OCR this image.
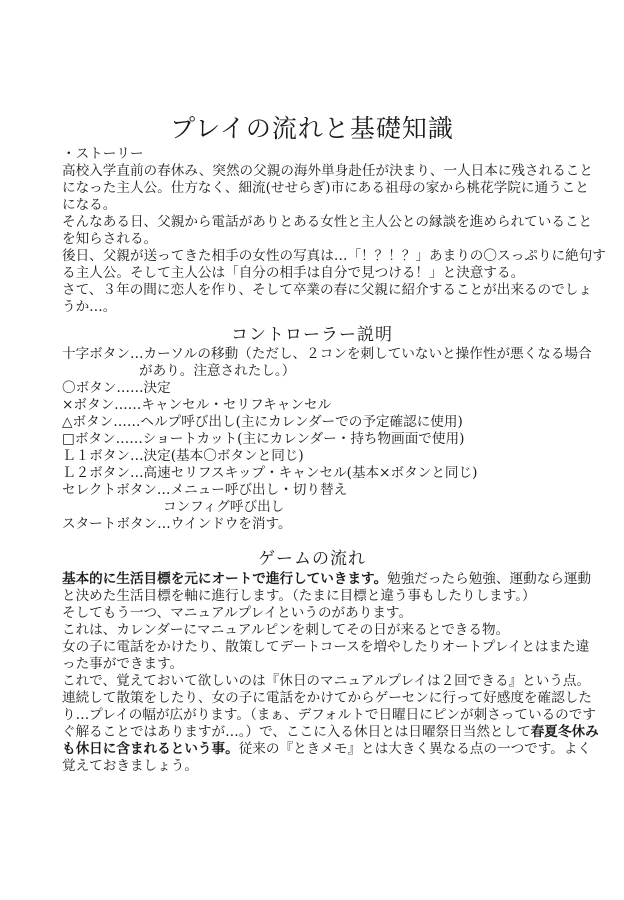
プレイの流れと基礎知識
・ストーリー
高校入学直前の春休み、突然の父親の海外単身赴任が決まり、一人日本に残されること
になった主人公。仕方なく、細流(せせらぎ)市にある祖母の家から桃花学院に通うこと
になる。
そんなある日、父親から電話がありとある女性と主人公との縁談を進められていること
を知らされる。
後日、父親が送ってきた相手の女性の写真は…「！？！？」あまりの〇スっぷりに絶句す
る主人公。そして主人公は「自分の相手は自分で見つける！」と決意する。
さて、３年の間に恋人を作り、そして卒業の春に父親に紹介することが出来るのでしょ
うか…。
コントローラー説明
十字ボタン…カーソルの移動（ただし、２コンを刺していないと操作性が悪くなる場合
があり。注意されたし。）
〇ボタン……決定
×ボタン……キャンセル・セリフキャンセル
△ボタン……ヘルプ呼び出し(主にカレンダーでの予定確認に使用)
□ボタン……ショートカット(主にカレンダー・持ち物画面で使用)
Ｌ１ボタン…決定(基本〇ボタンと同じ)
Ｌ２ボタン…高速セリフスキップ・キャンセル(基本×ボタンと同じ)
セレクトボタン…メニュー呼び出し・切り替え
コンフィグ呼び出し
スタートボタン…ウインドウを消す。
ゲームの流れ
基本的に生活目標を元にオートで進行していきます。勉強だったら勉強、運動なら運動
と決めた生活目標を軸に進行します。（たまに目標と違う事もしたりします。）
そしてもう一つ、マニュアルプレイというのがあります。
これは、カレンダーにマニュアルピンを刺してその日が来るとできる物。
女の子に電話をかけたり、散策してデートコースを増やしたりオートプレイとはまた違
った事ができます。
これで、覚えておいて欲しいのは『休日のマニュアルプレイは２回できる』という点。
連続して散策をしたり、女の子に電話をかけてからゲーセンに行って好感度を確認した
り…プレイの幅が広がります。（まぁ、デフォルトで日曜日にピンが刺さっているのです
ぐ解ることではありますが…。）で、ここに入る休日とは日曜祭日当然として春夏冬休み
も休日に含まれるという事。従来の『ときメモ』とは大きく異なる点の一つです。よく
覚えておきましょう。
